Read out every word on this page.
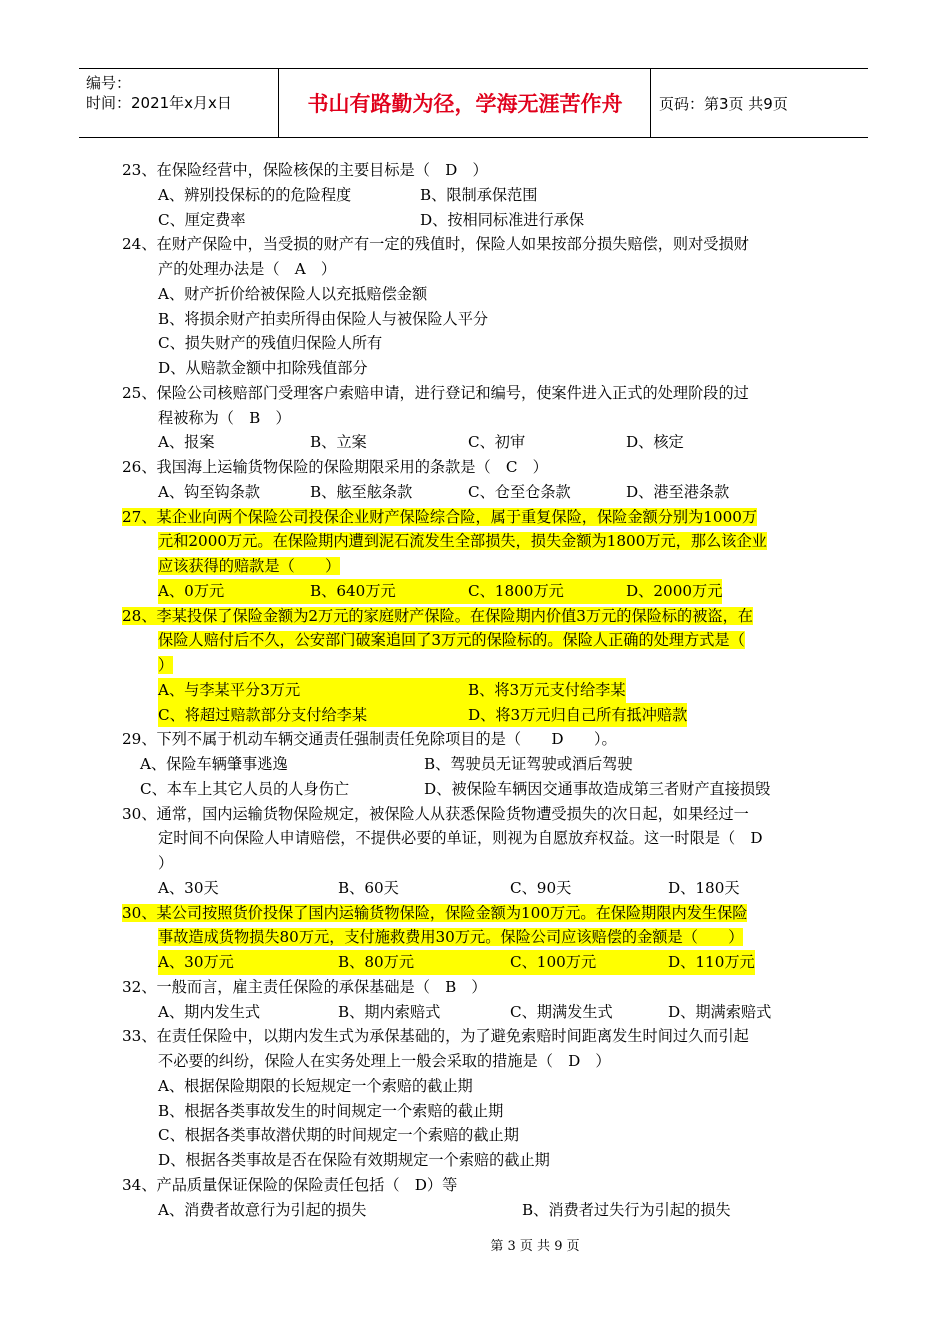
编号：
时间：2021年x月x日	书山有路勤为径，学海无涯苦作舟	页码：第3页 共9页
23、在保险经营中，保险核保的主要目标是（　D　）
A、辨别投保标的的危险程度	B、限制承保范围
C、厘定费率	D、按相同标准进行承保
24、在财产保险中，当受损的财产有一定的残值时，保险人如果按部分损失赔偿，则对受损财
产的处理办法是（　A　）
A、财产折价给被保险人以充抵赔偿金额
B、将损余财产拍卖所得由保险人与被保险人平分
C、损失财产的残值归保险人所有
D、从赔款金额中扣除残值部分
25、保险公司核赔部门受理客户索赔申请，进行登记和编号，使案件进入正式的处理阶段的过
程被称为（　B　）
A、报案	B、立案	C、初审	D、核定
26、我国海上运输货物保险的保险期限采用的条款是（　C　）
A、钩至钩条款	B、舷至舷条款	C、仓至仓条款	D、港至港条款
27、某企业向两个保险公司投保企业财产保险综合险，属于重复保险，保险金额分别为1000万
元和2000万元。在保险期内遭到泥石流发生全部损失，损失金额为1800万元，那么该企业
应该获得的赔款是（　　）
A、0万元	B、640万元	C、1800万元	D、2000万元
28、李某投保了保险金额为2万元的家庭财产保险。在保险期内价值3万元的保险标的被盗，在
保险人赔付后不久，公安部门破案追回了3万元的保险标的。保险人正确的处理方式是（
）
A、与李某平分3万元	B、将3万元支付给李某
C、将超过赔款部分支付给李某	D、将3万元归自己所有抵冲赔款
29、下列不属于机动车辆交通责任强制责任免除项目的是（　　D　　）。
A、保险车辆肇事逃逸	B、驾驶员无证驾驶或酒后驾驶
C、本车上其它人员的人身伤亡	D、被保险车辆因交通事故造成第三者财产直接损毁
30、通常，国内运输货物保险规定，被保险人从获悉保险货物遭受损失的次日起，如果经过一
定时间不向保险人申请赔偿，不提供必要的单证，则视为自愿放弃权益。这一时限是（　D
）
A、30天	B、60天	C、90天	D、180天
30、某公司按照货价投保了国内运输货物保险，保险金额为100万元。在保险期限内发生保险
事故造成货物损失80万元，支付施救费用30万元。保险公司应该赔偿的金额是（　　）
A、30万元	B、80万元	C、100万元	D、110万元
32、一般而言，雇主责任保险的承保基础是（　B　）
A、期内发生式	B、期内索赔式	C、期满发生式	D、期满索赔式
33、在责任保险中，以期内发生式为承保基础的，为了避免索赔时间距离发生时间过久而引起
不必要的纠纷，保险人在实务处理上一般会采取的措施是（　D　）
A、根据保险期限的长短规定一个索赔的截止期
B、根据各类事故发生的时间规定一个索赔的截止期
C、根据各类事故潜伏期的时间规定一个索赔的截止期
D、根据各类事故是否在保险有效期规定一个索赔的截止期
34、产品质量保证保险的保险责任包括（　D）等
A、消费者故意行为引起的损失	B、消费者过失行为引起的损失
第 3 页 共 9 页
